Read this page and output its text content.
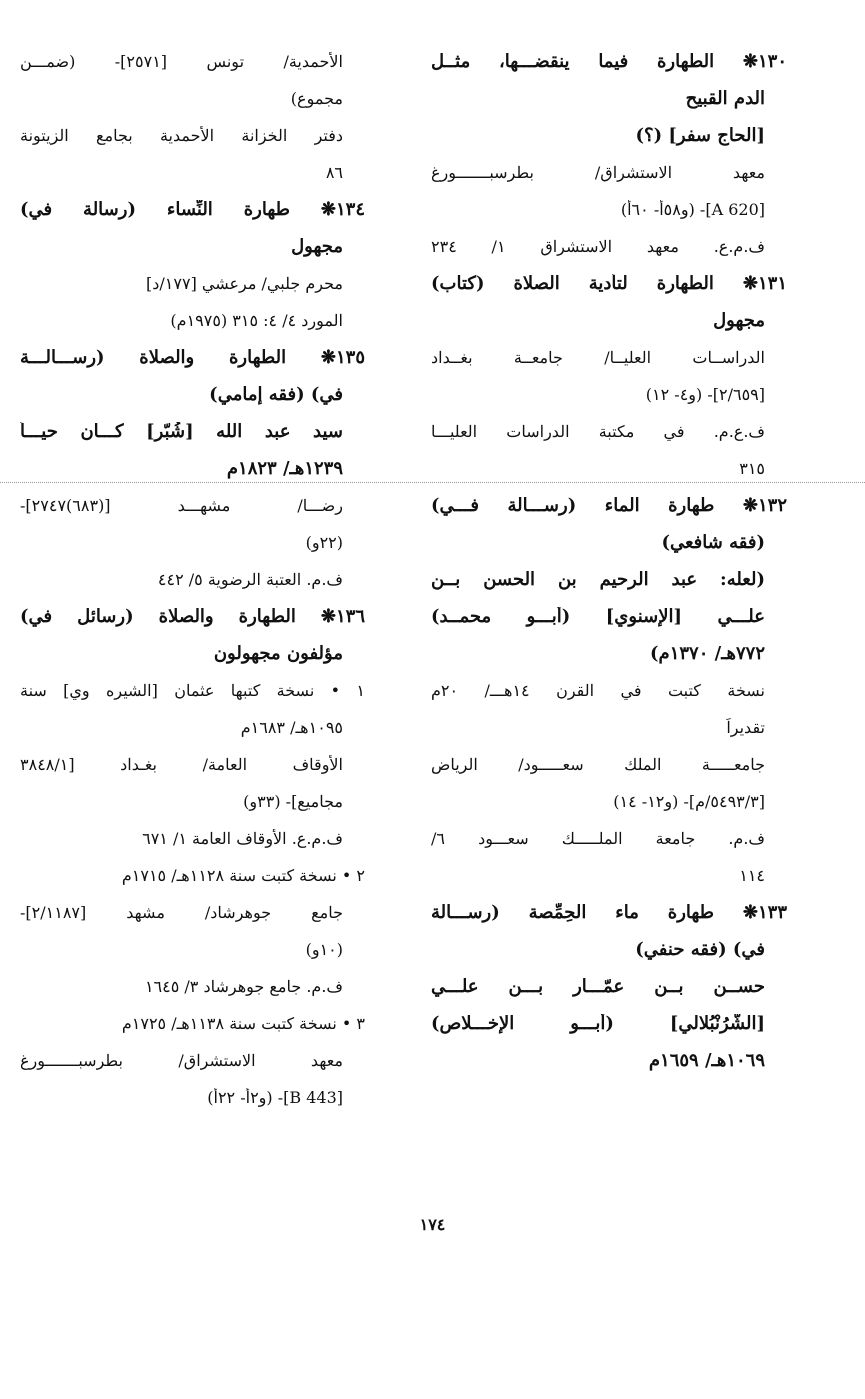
١٣٠❋ الطهارة فيما ينقضـــها، مثــل
الدم القبيح
[الحاج سفر] (؟)
معهد الاستشراق/ بطرسبـــــــورغ
[A 620]- (و٥٨أ- ٦٠أ)
ف.م.ع. معهد الاستشراق ١/ ٢٣٤
١٣١❋ الطهارة لتأدية الصلاة (كتاب)
مجهول
الدراســات العليــا/ جامعــة بغــداد
[٢/٦٥٩]- (و٤- ١٢)
ف.ع.م. في مكتبة الدراسات العليـــا
٣١٥
١٣٢❋ طهارة الماء (رســـالة فـــي)
(فقه شافعي)
(لعله: عبد الرحيم بن الحسن بــن
علـــي [الإسنوي] (أبـــو محمــد)
٧٧٢هـ/ ١٣٧٠م)
نسخة كتبت في القرن ١٤هـــ/ ٢٠م
تقديراً
جامعـــــة الملك سعـــــود/ الرياض
[٥٤٩٣/٣/م]- (و١٢- ١٤)
ف.م. جامعة الملـــــك سعـــود ٦/
١١٤
١٣٣❋ طهارة ماء الحِمِّصة (رســـالة
في) (فقه حنفي)
حســن بــن عمّـــار بـــن علـــي
[الشُّرُنْبُلالي] (أبـــو الإخـــلاص)
١٠٦٩هـ/ ١٦٥٩م
الأحمدية/ تونس [٢٥٧١]- (ضمـــن
مجموع)
دفتر الخزانة الأحمدية بجامع الزيتونة
٨٦
١٣٤❋ طهارة النِّساء (رسالة في)
مجهول
محرم جلبي/ مرعشي [١٧٧/د]
المورد ٤/ ٤: ٣١٥ (١٩٧٥م)
١٣٥❋ الطهارة والصلاة (رســـالـــة
في) (فقه إمامي)
سيد عبد الله [شُبّر] كـــان حيـــاً
١٢٣٩هـ/ ١٨٢٣م
رضـــا/ مشهـــد [(٦٨٣)٢٧٤٧]-
(٢٢و)
ف.م. العتبة الرضوية ٥/ ٤٤٢
١٣٦❋ الطهارة والصلاة (رسائل في)
مؤلفون مجهولون
١ • نسخة كتبها عثمان [الشيره وي] سنة
١٠٩٥هـ/ ١٦٨٣م
الأوقاف العامة/ بغـداد [٣٨٤٨/١
مجاميع]- (٣٣و)
ف.م.ع. الأوقاف العامة ١/ ٦٧١
٢ • نسخة كتبت سنة ١١٢٨هـ/ ١٧١٥م
جامع جوهرشاد/ مشهد [٢/١١٨٧]-
(١٠و)
ف.م. جامع جوهرشاد ٣/ ١٦٤٥
٣ • نسخة كتبت سنة ١١٣٨هـ/ ١٧٢٥م
معهد الاستشراق/ بطرسبـــــــورغ
[B 443]- (و٢أ- ٢٢أ)
١٧٤
